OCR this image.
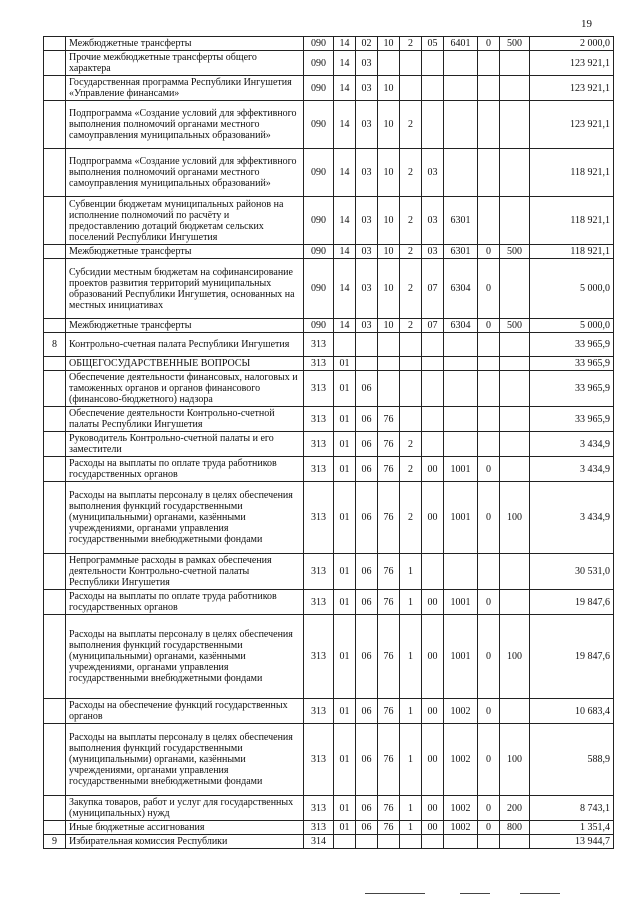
19
	Межбюджетные трансферты	090	14	02	10	2	05	6401	0	500	2 000,0
	Прочие межбюджетные трансферты общего характера	090	14	03							123 921,1
	Государственная программа Республики Ингушетия «Управление финансами»	090	14	03	10						123 921,1
	Подпрограмма «Создание условий для эффективного выполнения полномочий органами местного самоуправления муниципальных образований»	090	14	03	10	2					123 921,1
	Подпрограмма «Создание условий для эффективного выполнения полномочий органами местного самоуправления муниципальных образований»	090	14	03	10	2	03				118 921,1
	Субвенции бюджетам муниципальных районов на исполнение полномочий по расчёту и предоставлению дотаций бюджетам сельских поселений Республики Ингушетия	090	14	03	10	2	03	6301			118 921,1
	Межбюджетные трансферты	090	14	03	10	2	03	6301	0	500	118 921,1
	Субсидии местным бюджетам на софинансирование проектов развития территорий муниципальных образований Республики Ингушетия, основанных на местных инициативах	090	14	03	10	2	07	6304	0		5 000,0
	Межбюджетные трансферты	090	14	03	10	2	07	6304	0	500	5 000,0
8	Контрольно-счетная палата Республики Ингушетия	313									33 965,9
	ОБЩЕГОСУДАРСТВЕННЫЕ ВОПРОСЫ	313	01								33 965,9
	Обеспечение деятельности финансовых, налоговых и таможенных органов и органов финансового (финансово-бюджетного) надзора	313	01	06							33 965,9
	Обеспечение деятельности Контрольно-счетной палаты Республики Ингушетия	313	01	06	76						33 965,9
	Руководитель Контрольно-счетной палаты и его заместители	313	01	06	76	2					3 434,9
	Расходы на выплаты по оплате труда работников государственных органов	313	01	06	76	2	00	1001	0		3 434,9
	Расходы на выплаты персоналу в целях обеспечения выполнения функций государственными (муниципальными) органами, казёнными учреждениями, органами управления государственными внебюджетными фондами	313	01	06	76	2	00	1001	0	100	3 434,9
	Непрограммные расходы в рамках обеспечения деятельности Контрольно-счетной палаты Республики Ингушетия	313	01	06	76	1					30 531,0
	Расходы на выплаты по оплате труда работников государственных органов	313	01	06	76	1	00	1001	0		19 847,6
	Расходы на выплаты персоналу в целях обеспечения выполнения функций государственными (муниципальными) органами, казёнными учреждениями, органами управления государственными внебюджетными фондами	313	01	06	76	1	00	1001	0	100	19 847,6
	Расходы на обеспечение функций государственных органов	313	01	06	76	1	00	1002	0		10 683,4
	Расходы на выплаты персоналу в целях обеспечения выполнения функций государственными (муниципальными) органами, казёнными учреждениями, органами управления государственными внебюджетными фондами	313	01	06	76	1	00	1002	0	100	588,9
	Закупка товаров, работ и услуг для государственных (муниципальных) нужд	313	01	06	76	1	00	1002	0	200	8 743,1
	Иные бюджетные ассигнования	313	01	06	76	1	00	1002	0	800	1 351,4
9	Избирательная комиссия Республики	314									13 944,7
